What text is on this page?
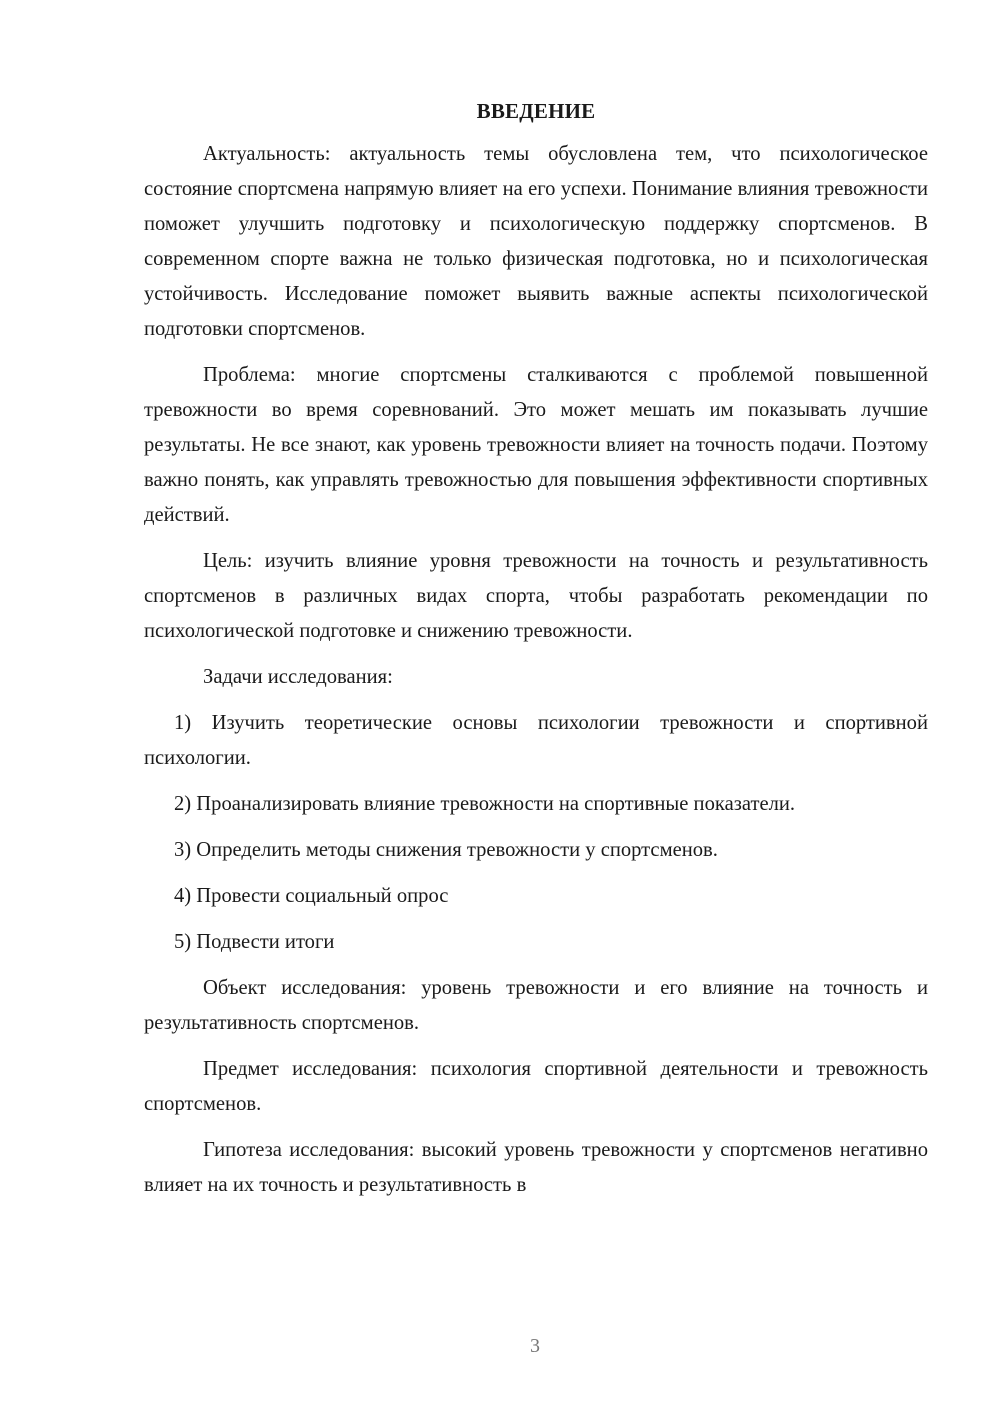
ВВЕДЕНИЕ

Актуальность: актуальность темы обусловлена тем, что психологическое состояние спортсмена напрямую влияет на его успехи. Понимание влияния тревожности поможет улучшить подготовку и психологическую поддержку спортсменов. В современном спорте важна не только физическая подготовка, но и психологическая устойчивость. Исследование поможет выявить важные аспекты психологической подготовки спортсменов.

Проблема: многие спортсмены сталкиваются с проблемой повышенной тревожности во время соревнований. Это может мешать им показывать лучшие результаты. Не все знают, как уровень тревожности влияет на точность подачи. Поэтому важно понять, как управлять тревожностью для повышения эффективности спортивных действий.

Цель: изучить влияние уровня тревожности на точность и результативность спортсменов в различных видах спорта, чтобы разработать рекомендации по психологической подготовке и снижению тревожности.

Задачи исследования:

1) Изучить теоретические основы психологии тревожности и спортивной психологии.

2) Проанализировать влияние тревожности на спортивные показатели.

3) Определить методы снижения тревожности у спортсменов.

4) Провести социальный опрос

5) Подвести итоги

Объект исследования: уровень тревожности и его влияние на точность и результативность спортсменов.

Предмет исследования: психология спортивной деятельности и тревожность спортсменов.

Гипотеза исследования: высокий уровень тревожности у спортсменов негативно влияет на их точность и результативность в

3
